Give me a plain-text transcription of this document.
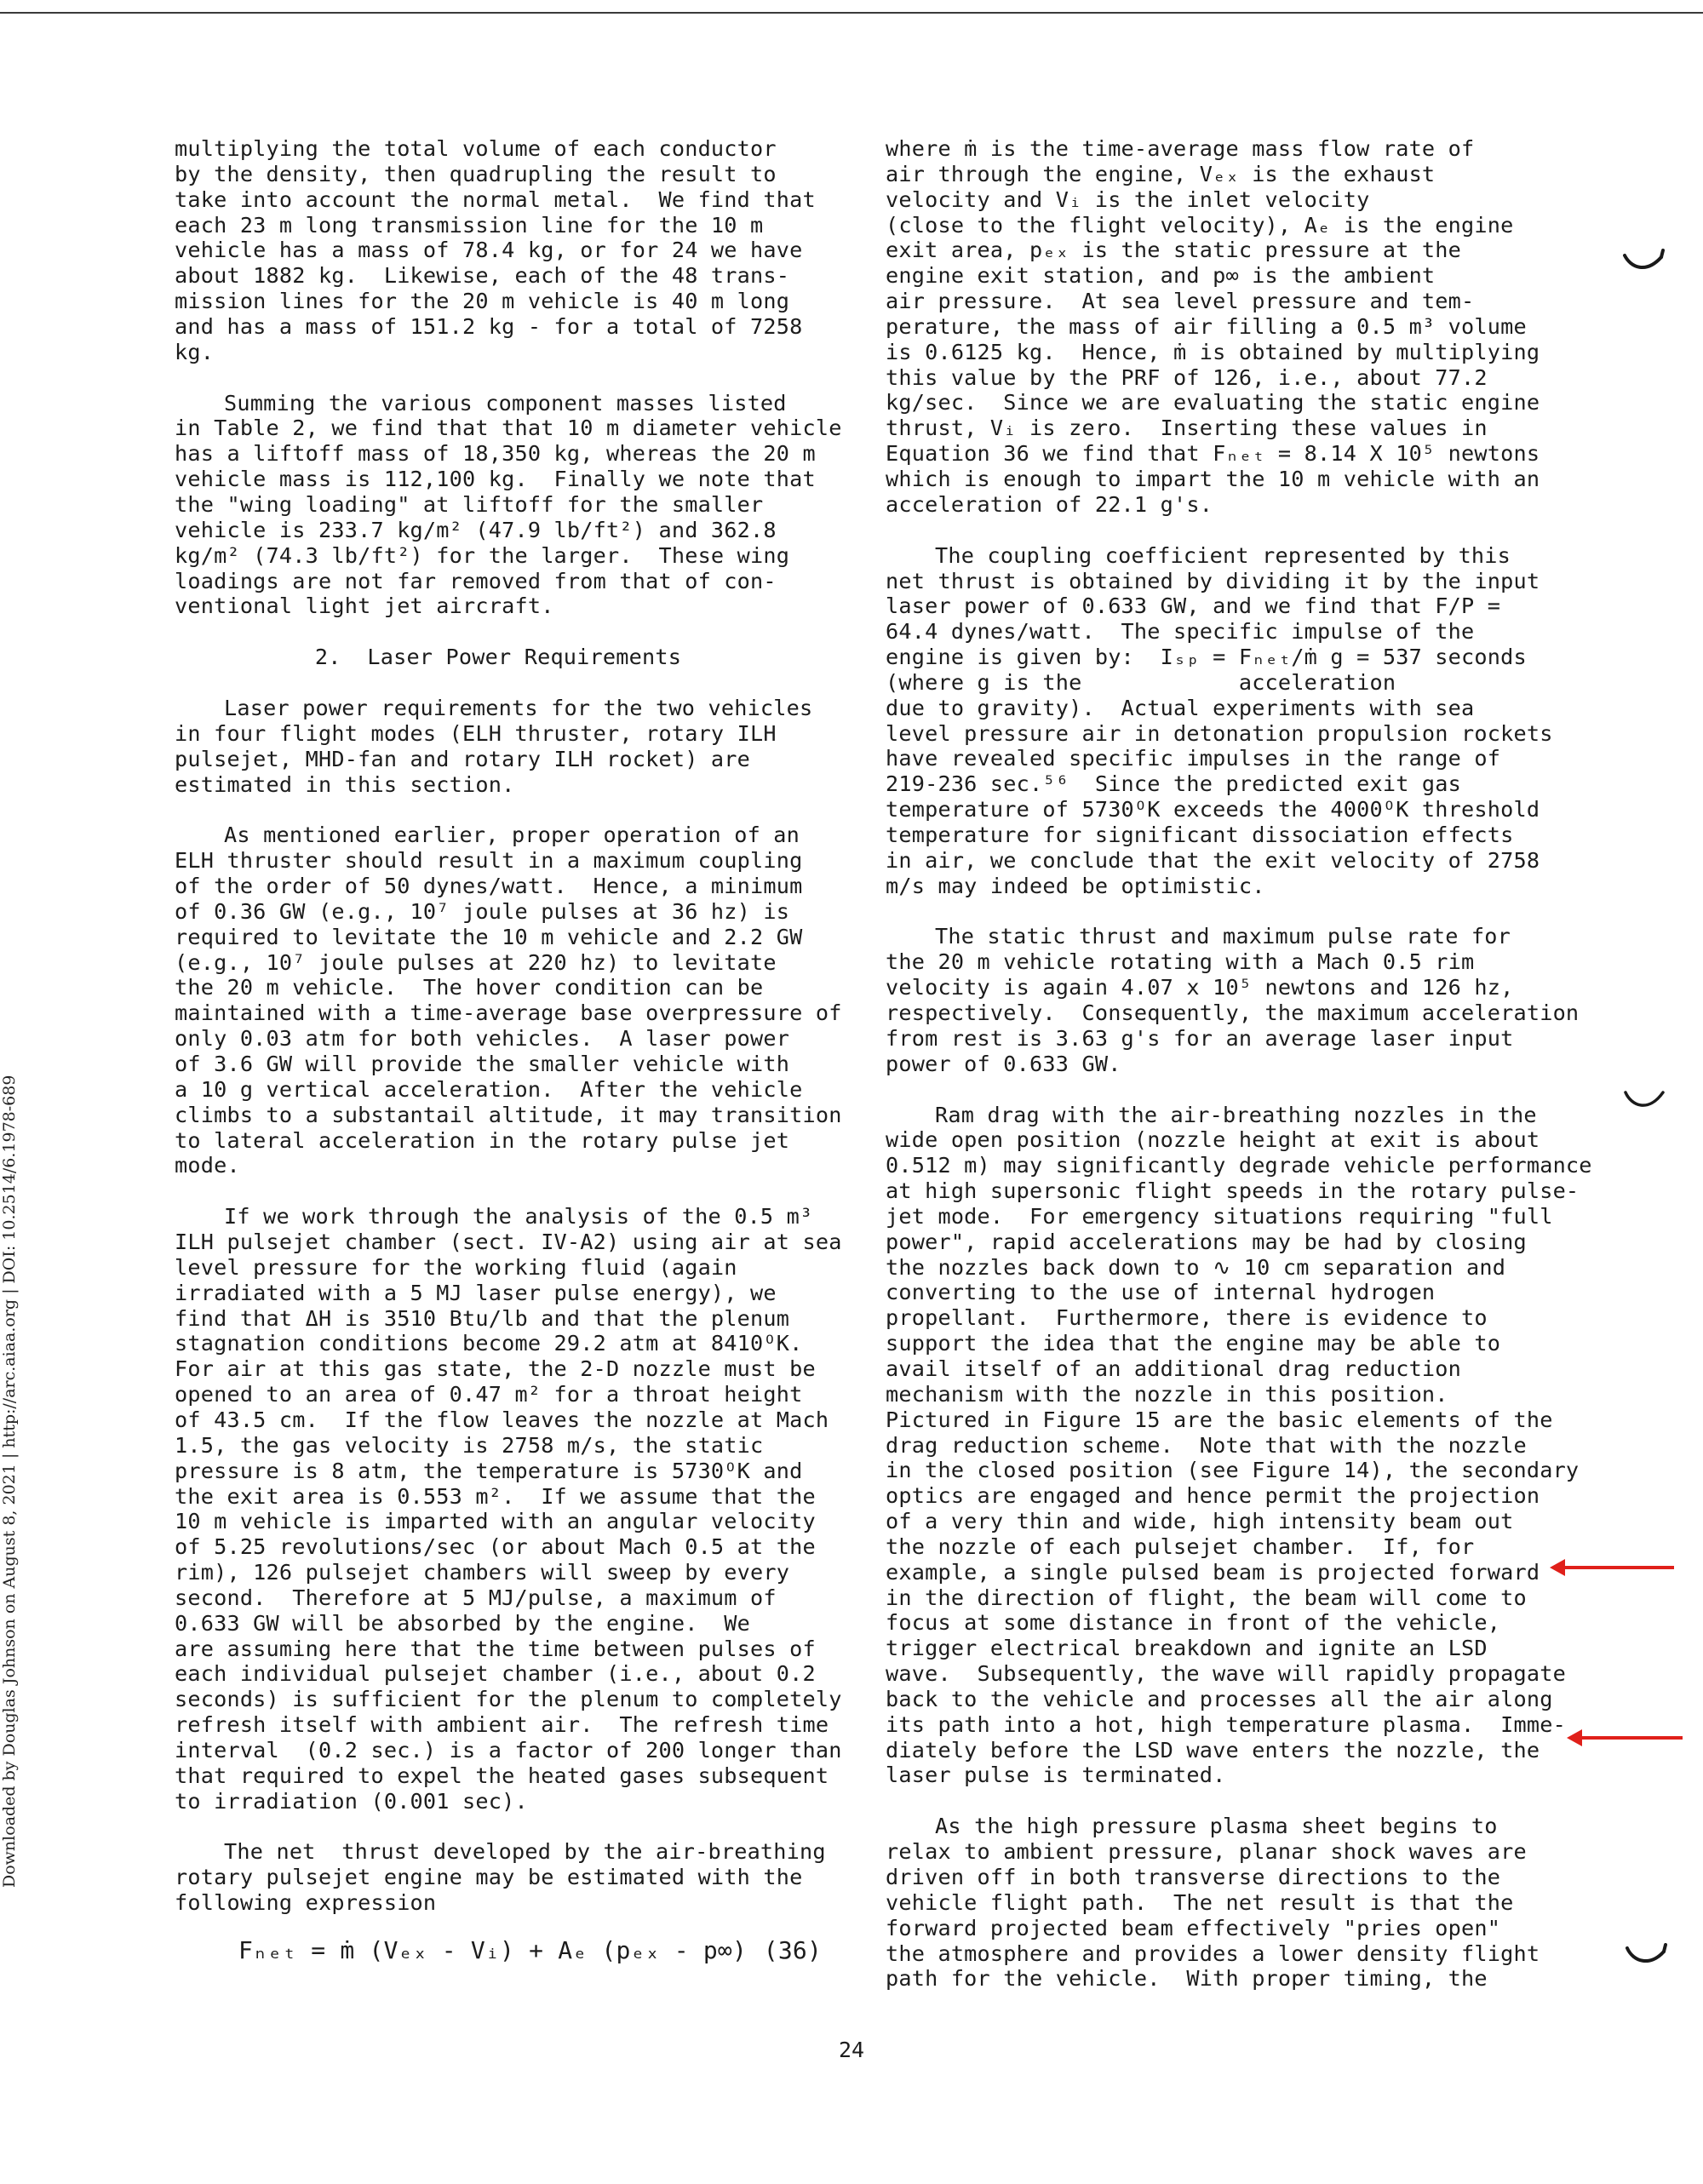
Downloaded by Douglas Johnson on August 8, 2021 | http://arc.aiaa.org | DOI: 10.2514/6.1978-689
multiplying the total volume of each conductor
by the density, then quadrupling the result to
take into account the normal metal.  We find that
each 23 m long transmission line for the 10 m
vehicle has a mass of 78.4 kg, or for 24 we have
about 1882 kg.  Likewise, each of the 48 trans-
mission lines for the 20 m vehicle is 40 m long
and has a mass of 151.2 kg - for a total of 7258
kg.
Summing the various component masses listed
in Table 2, we find that that 10 m diameter vehicle
has a liftoff mass of 18,350 kg, whereas the 20 m
vehicle mass is 112,100 kg.  Finally we note that
the "wing loading" at liftoff for the smaller
vehicle is 233.7 kg/m² (47.9 lb/ft²) and 362.8
kg/m² (74.3 lb/ft²) for the larger.  These wing
loadings are not far removed from that of con-
ventional light jet aircraft.
2.  Laser Power Requirements
Laser power requirements for the two vehicles
in four flight modes (ELH thruster, rotary ILH
pulsejet, MHD-fan and rotary ILH rocket) are
estimated in this section.
As mentioned earlier, proper operation of an
ELH thruster should result in a maximum coupling
of the order of 50 dynes/watt.  Hence, a minimum
of 0.36 GW (e.g., 10⁷ joule pulses at 36 hz) is
required to levitate the 10 m vehicle and 2.2 GW
(e.g., 10⁷ joule pulses at 220 hz) to levitate
the 20 m vehicle.  The hover condition can be
maintained with a time-average base overpressure of
only 0.03 atm for both vehicles.  A laser power
of 3.6 GW will provide the smaller vehicle with
a 10 g vertical acceleration.  After the vehicle
climbs to a substantail altitude, it may transition
to lateral acceleration in the rotary pulse jet
mode.
If we work through the analysis of the 0.5 m³
ILH pulsejet chamber (sect. IV-A2) using air at sea
level pressure for the working fluid (again
irradiated with a 5 MJ laser pulse energy), we
find that ΔH is 3510 Btu/lb and that the plenum
stagnation conditions become 29.2 atm at 8410ᴼK.
For air at this gas state, the 2-D nozzle must be
opened to an area of 0.47 m² for a throat height
of 43.5 cm.  If the flow leaves the nozzle at Mach
1.5, the gas velocity is 2758 m/s, the static
pressure is 8 atm, the temperature is 5730ᴼK and
the exit area is 0.553 m².  If we assume that the
10 m vehicle is imparted with an angular velocity
of 5.25 revolutions/sec (or about Mach 0.5 at the
rim), 126 pulsejet chambers will sweep by every
second.  Therefore at 5 MJ/pulse, a maximum of
0.633 GW will be absorbed by the engine.  We
are assuming here that the time between pulses of
each individual pulsejet chamber (i.e., about 0.2
seconds) is sufficient for the plenum to completely
refresh itself with ambient air.  The refresh time
interval  (0.2 sec.) is a factor of 200 longer than
that required to expel the heated gases subsequent
to irradiation (0.001 sec).
The net  thrust developed by the air-breathing
rotary pulsejet engine may be estimated with the
following expression
Fₙₑₜ = ṁ (Vₑₓ - Vᵢ) + Aₑ (pₑₓ - p∞) (36)
where ṁ is the time-average mass flow rate of
air through the engine, Vₑₓ is the exhaust
velocity and Vᵢ is the inlet velocity
(close to the flight velocity), Aₑ is the engine
exit area, pₑₓ is the static pressure at the
engine exit station, and p∞ is the ambient
air pressure.  At sea level pressure and tem-
perature, the mass of air filling a 0.5 m³ volume
is 0.6125 kg.  Hence, ṁ is obtained by multiplying
this value by the PRF of 126, i.e., about 77.2
kg/sec.  Since we are evaluating the static engine
thrust, Vᵢ is zero.  Inserting these values in
Equation 36 we find that Fₙₑₜ = 8.14 X 10⁵ newtons
which is enough to impart the 10 m vehicle with an
acceleration of 22.1 g's.
The coupling coefficient represented by this
net thrust is obtained by dividing it by the input
laser power of 0.633 GW, and we find that F/P =
64.4 dynes/watt.  The specific impulse of the
engine is given by:  Iₛₚ = Fₙₑₜ/ṁ g = 537 seconds
(where g is the            acceleration
due to gravity).  Actual experiments with sea
level pressure air in detonation propulsion rockets
have revealed specific impulses in the range of
219-236 sec.⁵⁶  Since the predicted exit gas
temperature of 5730ᴼK exceeds the 4000ᴼK threshold
temperature for significant dissociation effects
in air, we conclude that the exit velocity of 2758
m/s may indeed be optimistic.
The static thrust and maximum pulse rate for
the 20 m vehicle rotating with a Mach 0.5 rim
velocity is again 4.07 x 10⁵ newtons and 126 hz,
respectively.  Consequently, the maximum acceleration
from rest is 3.63 g's for an average laser input
power of 0.633 GW.
Ram drag with the air-breathing nozzles in the
wide open position (nozzle height at exit is about
0.512 m) may significantly degrade vehicle performance
at high supersonic flight speeds in the rotary pulse-
jet mode.  For emergency situations requiring "full
power", rapid accelerations may be had by closing
the nozzles back down to ∿ 10 cm separation and
converting to the use of internal hydrogen
propellant.  Furthermore, there is evidence to
support the idea that the engine may be able to
avail itself of an additional drag reduction
mechanism with the nozzle in this position.
Pictured in Figure 15 are the basic elements of the
drag reduction scheme.  Note that with the nozzle
in the closed position (see Figure 14), the secondary
optics are engaged and hence permit the projection
of a very thin and wide, high intensity beam out
the nozzle of each pulsejet chamber.  If, for
example, a single pulsed beam is projected forward
in the direction of flight, the beam will come to
focus at some distance in front of the vehicle,
trigger electrical breakdown and ignite an LSD
wave.  Subsequently, the wave will rapidly propagate
back to the vehicle and processes all the air along
its path into a hot, high temperature plasma.  Imme-
diately before the LSD wave enters the nozzle, the
laser pulse is terminated.
As the high pressure plasma sheet begins to
relax to ambient pressure, planar shock waves are
driven off in both transverse directions to the
vehicle flight path.  The net result is that the
forward projected beam effectively "pries open"
the atmosphere and provides a lower density flight
path for the vehicle.  With proper timing, the
24
